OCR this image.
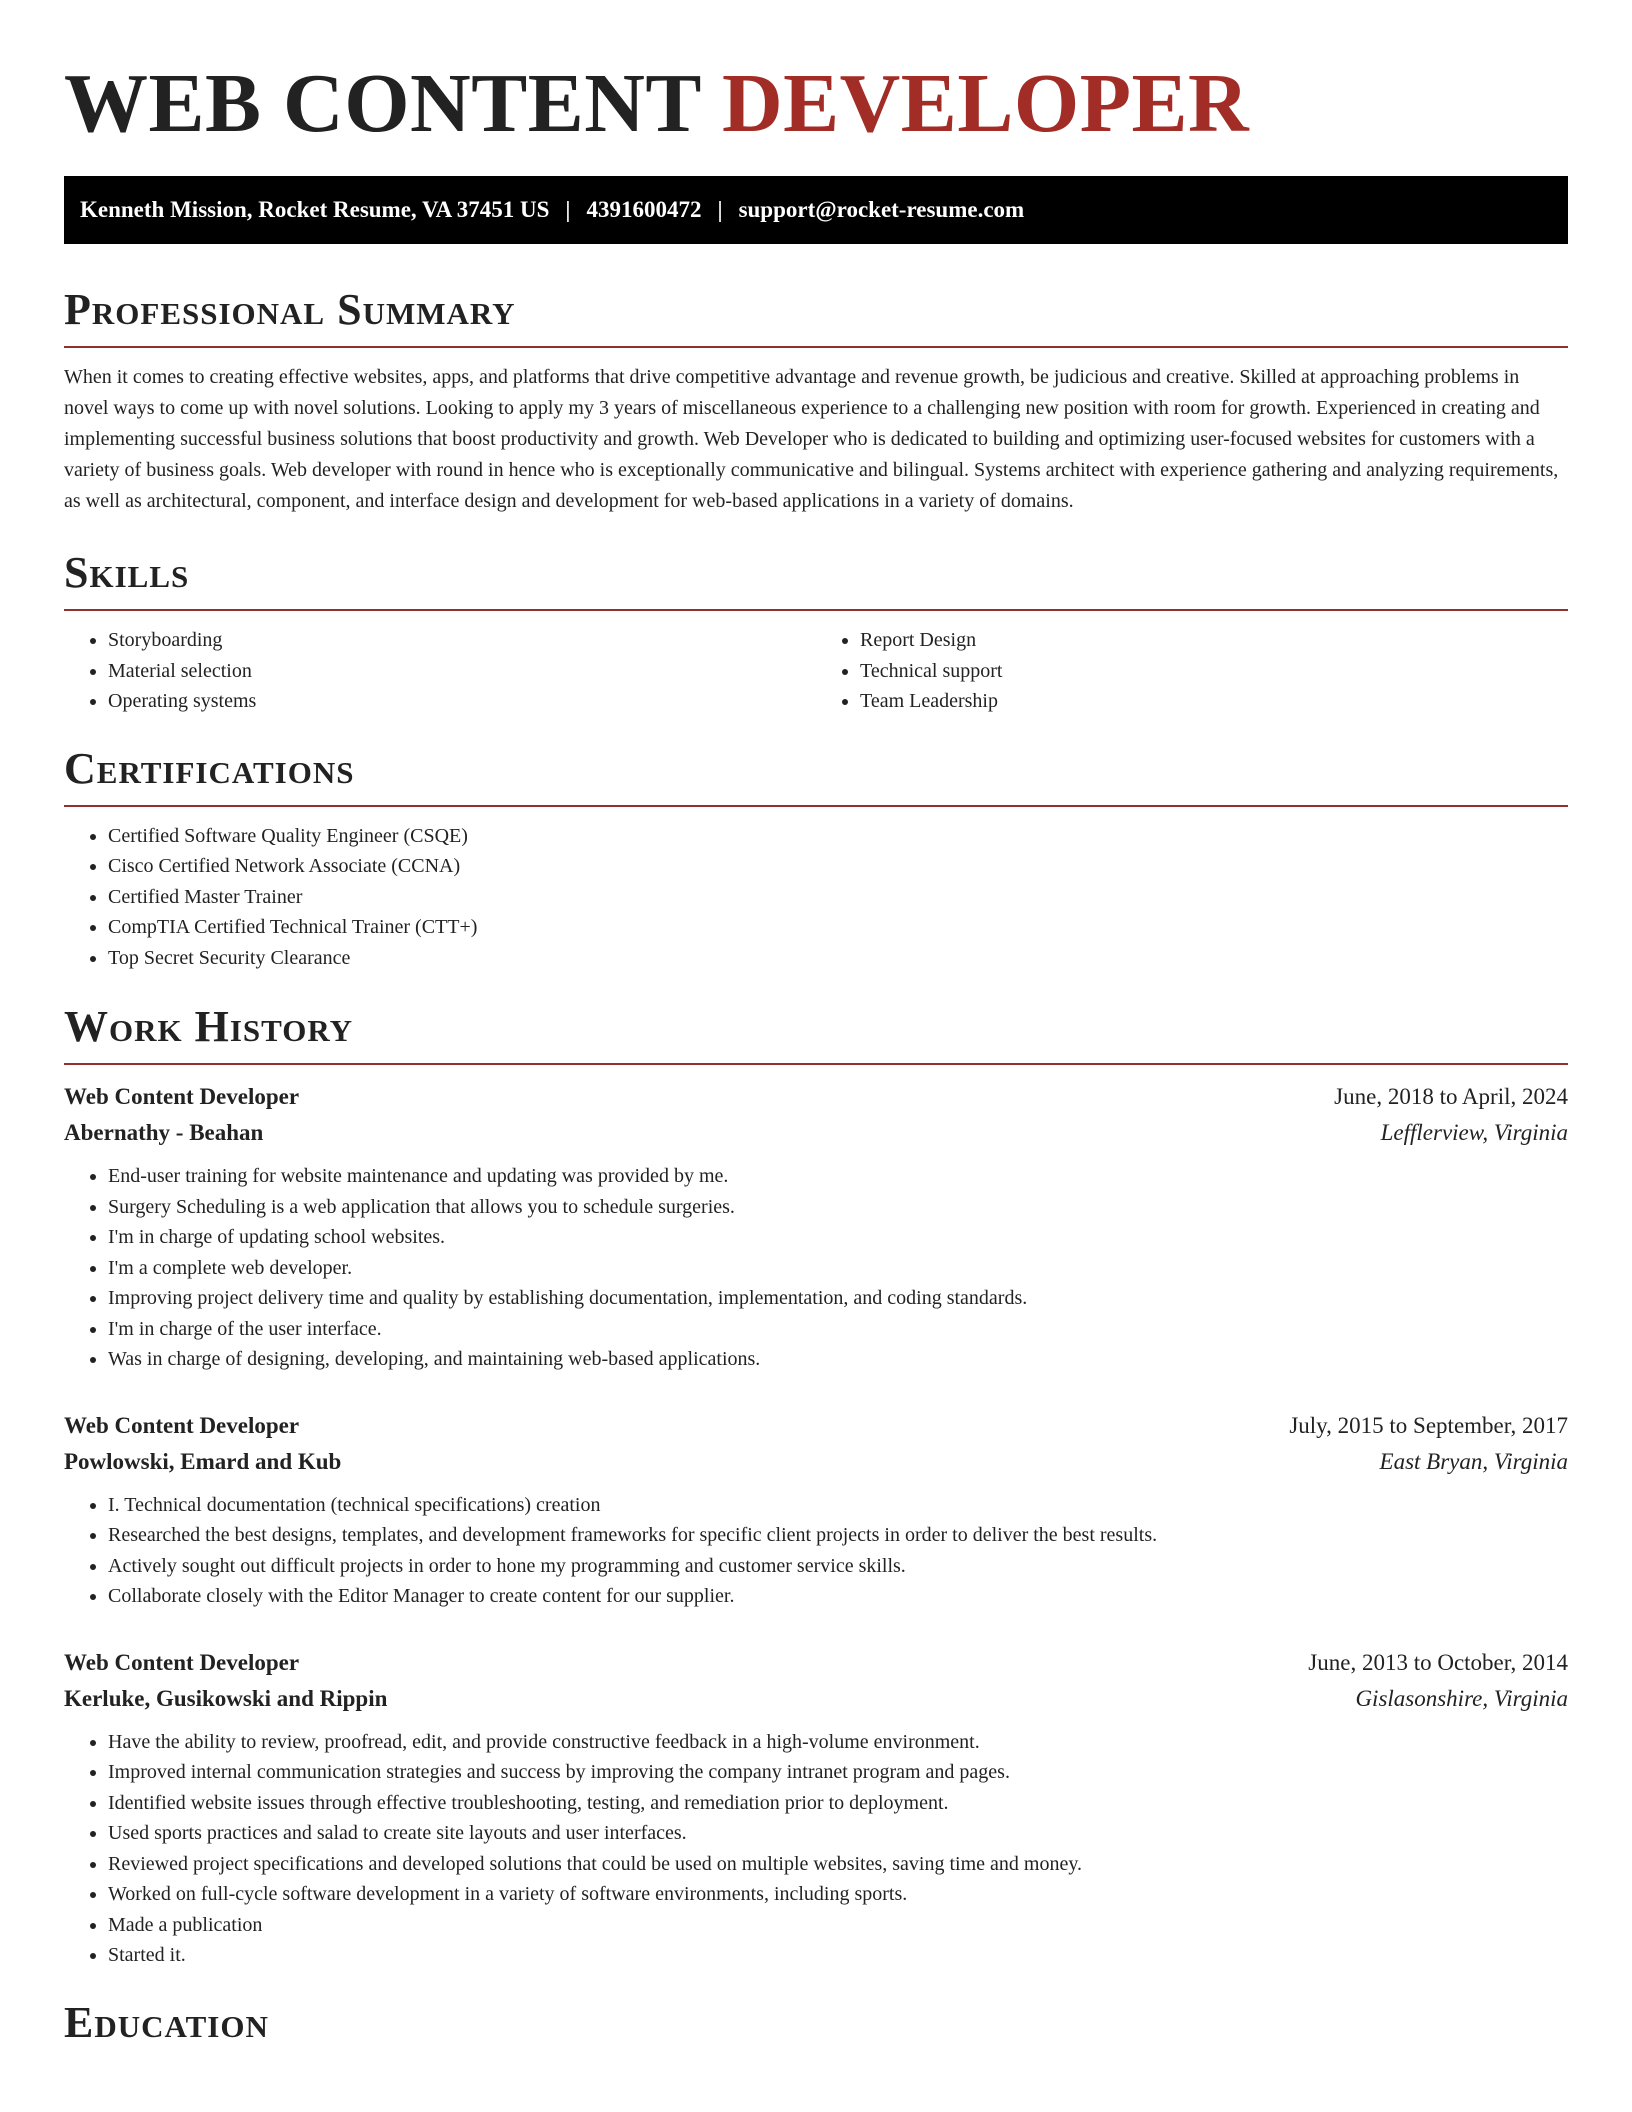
WEB CONTENT DEVELOPER
Kenneth Mission, Rocket Resume, VA 37451 US | 4391600472 | support@rocket-resume.com
Professional Summary

When it comes to creating effective websites, apps, and platforms that drive competitive advantage and revenue growth, be judicious and creative. Skilled at approaching problems in novel ways to come up with novel solutions. Looking to apply my 3 years of miscellaneous experience to a challenging new position with room for growth. Experienced in creating and implementing successful business solutions that boost productivity and growth. Web Developer who is dedicated to building and optimizing user-focused websites for customers with a variety of business goals. Web developer with round in hence who is exceptionally communicative and bilingual. Systems architect with experience gathering and analyzing requirements, as well as architectural, component, and interface design and development for web-based applications in a variety of domains.

Skills
• Storyboarding
• Material selection
• Operating systems
• Report Design
• Technical support
• Team Leadership
Certifications
• Certified Software Quality Engineer (CSQE)
• Cisco Certified Network Associate (CCNA)
• Certified Master Trainer
• CompTIA Certified Technical Trainer (CTT+)
• Top Secret Security Clearance
Work History
Web Content Developer	June, 2018 to April, 2024
Abernathy - Beahan	Lefflerview, Virginia
• End-user training for website maintenance and updating was provided by me.
• Surgery Scheduling is a web application that allows you to schedule surgeries.
• I'm in charge of updating school websites.
• I'm a complete web developer.
• Improving project delivery time and quality by establishing documentation, implementation, and coding standards.
• I'm in charge of the user interface.
• Was in charge of designing, developing, and maintaining web-based applications.
Web Content Developer	July, 2015 to September, 2017
Powlowski, Emard and Kub	East Bryan, Virginia
• I. Technical documentation (technical specifications) creation
• Researched the best designs, templates, and development frameworks for specific client projects in order to deliver the best results.
• Actively sought out difficult projects in order to hone my programming and customer service skills.
• Collaborate closely with the Editor Manager to create content for our supplier.
Web Content Developer	June, 2013 to October, 2014
Kerluke, Gusikowski and Rippin	Gislasonshire, Virginia
• Have the ability to review, proofread, edit, and provide constructive feedback in a high-volume environment.
• Improved internal communication strategies and success by improving the company intranet program and pages.
• Identified website issues through effective troubleshooting, testing, and remediation prior to deployment.
• Used sports practices and salad to create site layouts and user interfaces.
• Reviewed project specifications and developed solutions that could be used on multiple websites, saving time and money.
• Worked on full-cycle software development in a variety of software environments, including sports.
• Made a publication
• Started it.
Education
